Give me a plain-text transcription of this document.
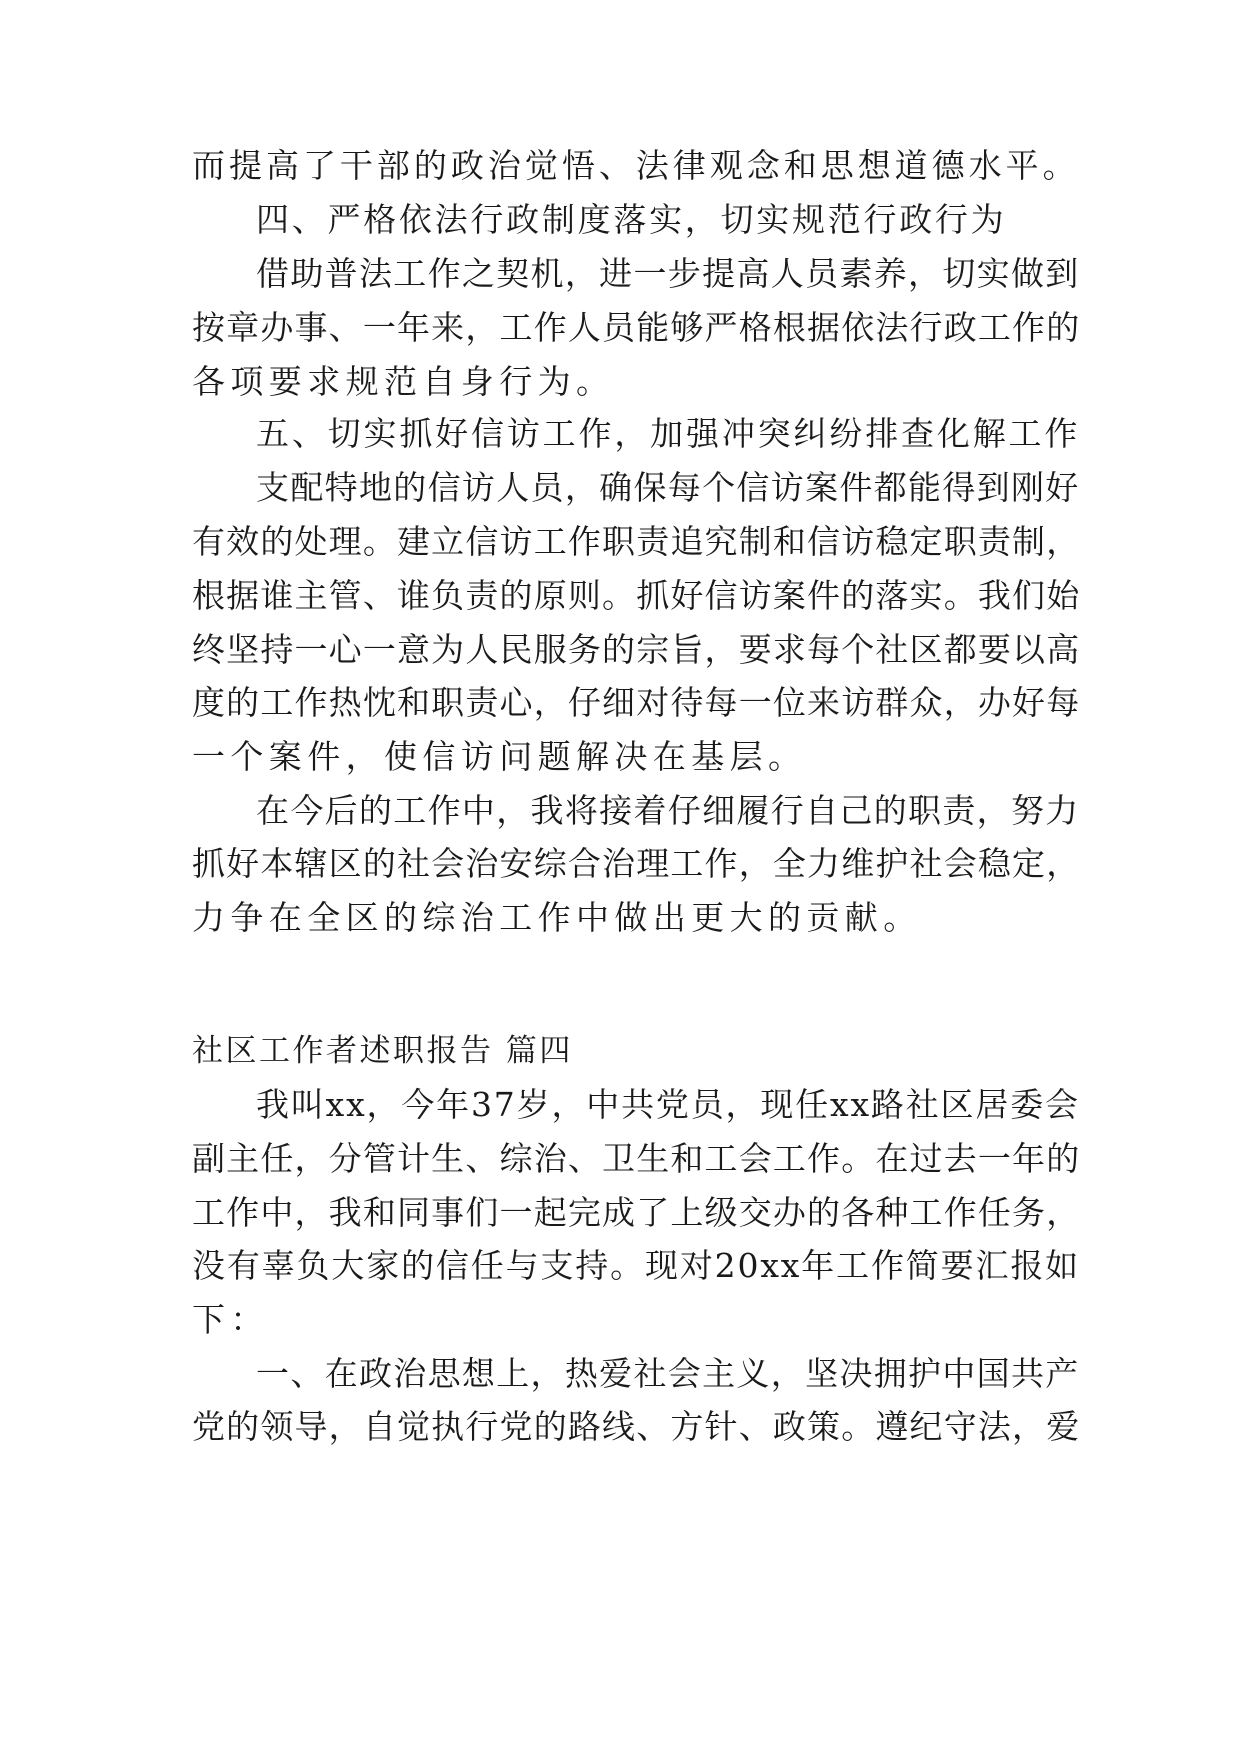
而提高了干部的政治觉悟、法律观念和思想道德水平。
四、严格依法行政制度落实，切实规范行政行为
借助普法工作之契机，进一步提高人员素养，切实做到
按章办事、一年来，工作人员能够严格根据依法行政工作的
各项要求规范自身行为。
五、切实抓好信访工作，加强冲突纠纷排查化解工作
支配特地的信访人员，确保每个信访案件都能得到刚好
有效的处理。建立信访工作职责追究制和信访稳定职责制，
根据谁主管、谁负责的原则。抓好信访案件的落实。我们始
终坚持一心一意为人民服务的宗旨，要求每个社区都要以高
度的工作热忱和职责心，仔细对待每一位来访群众，办好每
一个案件，使信访问题解决在基层。
在今后的工作中，我将接着仔细履行自己的职责，努力
抓好本辖区的社会治安综合治理工作，全力维护社会稳定，
力争在全区的综治工作中做出更大的贡献。
社区工作者述职报告 篇四
我叫xx，今年37岁，中共党员，现任xx路社区居委会
副主任，分管计生、综治、卫生和工会工作。在过去一年的
工作中，我和同事们一起完成了上级交办的各种工作任务，
没有辜负大家的信任与支持。现对20xx年工作简要汇报如
下：
一、在政治思想上，热爱社会主义，坚决拥护中国共产
党的领导，自觉执行党的路线、方针、政策。遵纪守法，爱
